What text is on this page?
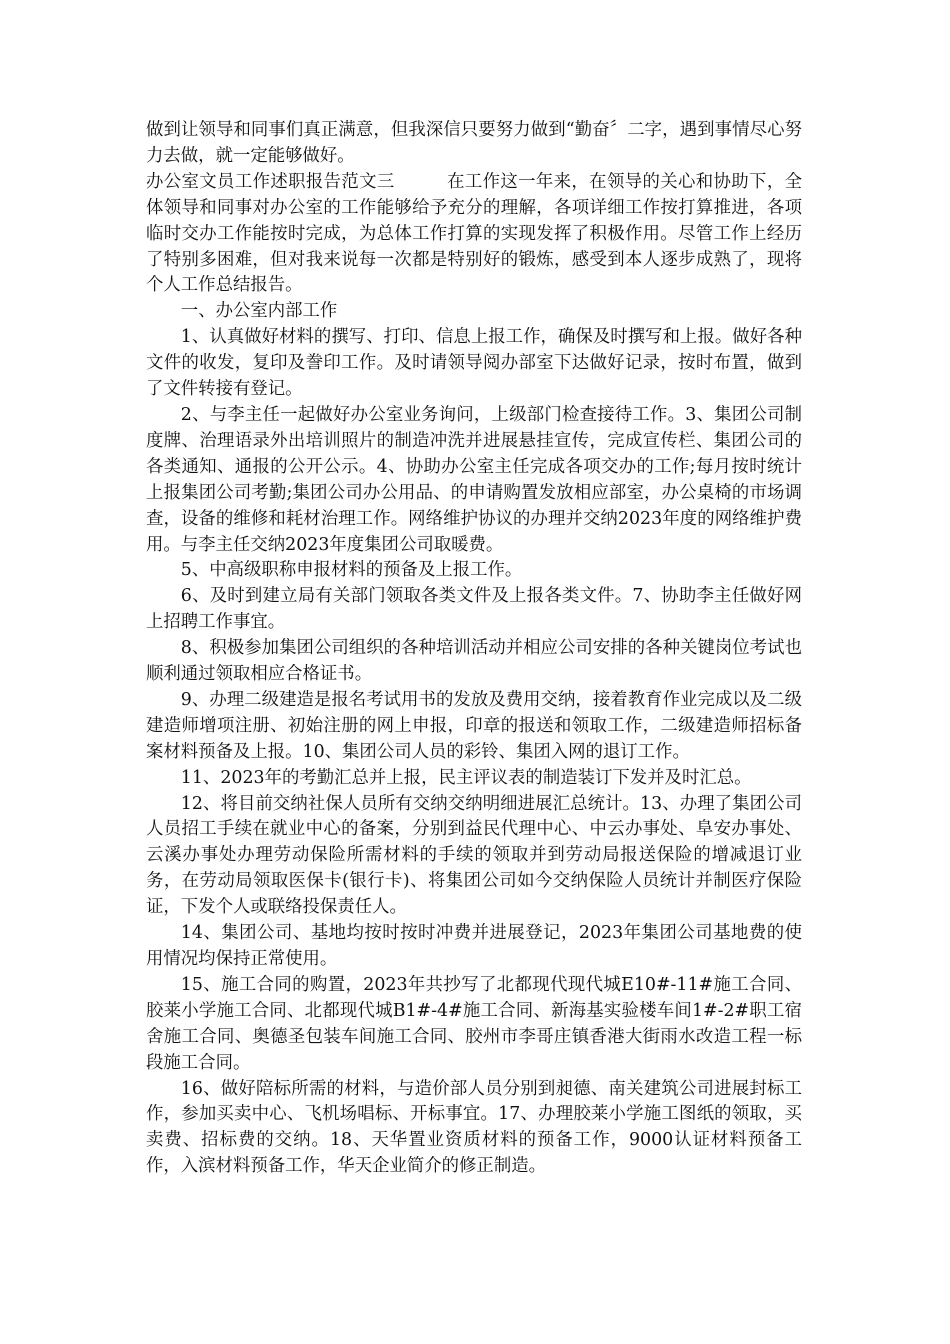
做到让领导和同事们真正满意，但我深信只要努力做到“勤奋〞二字，遇到事情尽心努力去做，就一定能够做好。

办公室文员工作述职报告范文三	在工作这一年来，在领导的关心和协助下，全体领导和同事对办公室的工作能够给予充分的理解，各项详细工作按打算推进，各项临时交办工作能按时完成，为总体工作打算的实现发挥了积极作用。尽管工作上经历了特别多困难，但对我来说每一次都是特别好的锻炼，感受到本人逐步成熟了，现将个人工作总结报告。

一、办公室内部工作

1、认真做好材料的撰写、打印、信息上报工作，确保及时撰写和上报。做好各种文件的收发，复印及誊印工作。及时请领导阅办部室下达做好记录，按时布置，做到了文件转接有登记。

2、与李主任一起做好办公室业务询问，上级部门检查接待工作。3、集团公司制度牌、治理语录外出培训照片的制造冲洗并进展悬挂宣传，完成宣传栏、集团公司的各类通知、通报的公开公示。4、协助办公室主任完成各项交办的工作;每月按时统计上报集团公司考勤;集团公司办公用品、的申请购置发放相应部室，办公桌椅的市场调查，设备的维修和耗材治理工作。网络维护协议的办理并交纳2023年度的网络维护费用。与李主任交纳2023年度集团公司取暖费。

5、中高级职称申报材料的预备及上报工作。

6、及时到建立局有关部门领取各类文件及上报各类文件。7、协助李主任做好网上招聘工作事宜。

8、积极参加集团公司组织的各种培训活动并相应公司安排的各种关键岗位考试也顺利通过领取相应合格证书。

9、办理二级建造是报名考试用书的发放及费用交纳，接着教育作业完成以及二级建造师增项注册、初始注册的网上申报，印章的报送和领取工作，二级建造师招标备案材料预备及上报。10、集团公司人员的彩铃、集团入网的退订工作。

11、2023年的考勤汇总并上报，民主评议表的制造装订下发并及时汇总。

12、将目前交纳社保人员所有交纳交纳明细进展汇总统计。13、办理了集团公司人员招工手续在就业中心的备案，分别到益民代理中心、中云办事处、阜安办事处、云溪办事处办理劳动保险所需材料的手续的领取并到劳动局报送保险的增减退订业务，在劳动局领取医保卡(银行卡)、将集团公司如今交纳保险人员统计并制医疗保险证，下发个人或联络投保责任人。

14、集团公司、基地均按时按时冲费并进展登记，2023年集团公司基地费的使用情况均保持正常使用。

15、施工合同的购置，2023年共抄写了北都现代现代城E10#-11#施工合同、胶莱小学施工合同、北都现代城B1#-4#施工合同、新海基实验楼车间1#-2#职工宿舍施工合同、奥德圣包装车间施工合同、胶州市李哥庄镇香港大街雨水改造工程一标段施工合同。

16、做好陪标所需的材料，与造价部人员分别到昶德、南关建筑公司进展封标工作，参加买卖中心、飞机场唱标、开标事宜。17、办理胶莱小学施工图纸的领取，买卖费、招标费的交纳。18、天华置业资质材料的预备工作，9000认证材料预备工作，入滨材料预备工作，华天企业简介的修正制造。
